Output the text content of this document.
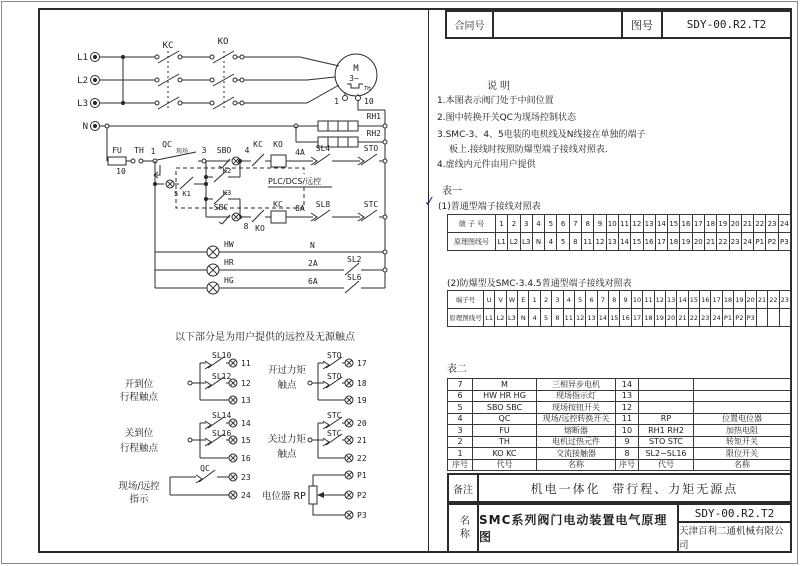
L1
L2
L3
N
KC	KO
M
3~
TH
1	10
RH1
RH2
FU
10
TH 1
QC
现场 3 SBO 4
KC KO
4A SL4	STO
5 K1
K2
K3
PLC/DCS/远控
SBC
8 KO
KC 8A SL8	STC
HW	N
HR	2A	SL2
HG	6A	SL6
以下部分是为用户提供的远控及无源触点
开到位
行程触点
SL10
SL12
11
12
13
开过力矩
触点
STO
STO
17
18
19
关到位
行程触点
SL14
SL16
14
15
16
关过力矩
触点
STC
STC
20
21
22
现场/远控
指示
QC
23
24 电位器 RP
P1
P2
P3
合同号	图号	SDY-00.R2.T2
说明
1.本图表示阀门处于中间位置
2.图中转换开关QC为现场控制状态
3.SMC-3、4、5电装的电机线及N线接在单独的端子
板上.接线时按照防爆型端子接线对照表.
4.虚线内元件由用户提供
表一
✓ (1)普通型端子接线对照表
端 子 号	1	2	3	4	5	6	7	8	9 10 11 12 13 14 15 16 17 18 19 20 21 22 23 24
原理图线号	L1 L2 L3 N	4	5	8 11 12 13 14 15 16 17 18 19 20 21 22 23 24 P1 P2 P3
(2)防爆型及SMC-3.4.5普通型端子接线对照表
端子号	U	V W E	1	2	3	4	5	6	7	8	9 10 11 12 13 14 15 16 17 18 19 20 21 22 23
原理图线号 L1 L2 L3 N	4	5	8 11 12 13 14 15 16 17 18 19 20 21 22 23 24 P1 P2 P3
表二
7	M	三相异步电机	14
6	HW HR HG	现场指示灯	13
5	SBO SBC	现场按钮开关	12
4	QC	现场/远控转换开关	11	RP	位置电位器
3	FU	熔断器	10	RH1 RH2	加热电阻
2	TH	电机过热元件	9	STO STC	转矩开关
1	KO KC	交流接触器	8	SL2~SL16	限位开关
序号	代号	名称	序号	代号	名称
备注	机电一体化  带行程、力矩无源点
名称 SMC系列阀门电动装置电气原理图
SDY-00.R2.T2
天津百利二通机械有限公司
